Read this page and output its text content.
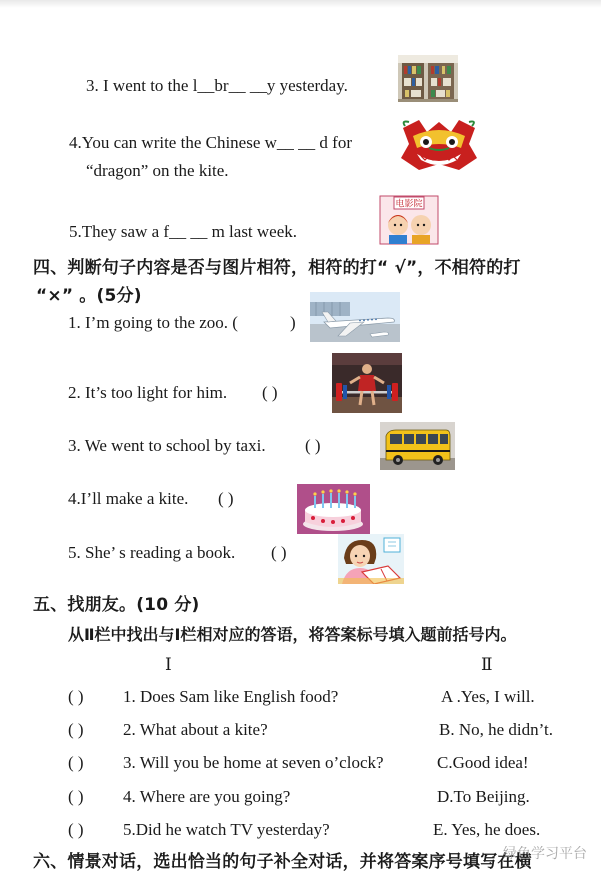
3. I went to the l__br__ __y yesterday.
4.You can write the Chinese w__ __ d for
“dragon” on the kite.
5.They saw a f__ __ m last week.
电影院
四、判断句子内容是否与图片相符，相符的打“ √”，不相符的打
“×” 。(5分)
1. I’m going to the zoo. (	)
2. It’s too light for him. ( )
3. We went to school by taxi. ( )
4.I’ll make a kite. ( )
5. She’ s reading a book. ( )
五、找朋友。(10 分)
从Ⅱ栏中找出与Ⅰ栏相对应的答语，将答案标号填入题前括号内。
Ⅰ	Ⅱ
( ) 1. Does Sam like English food?	A .Yes, I will.
( ) 2. What about a kite?	B. No, he didn’t.
( ) 3. Will you be home at seven o’clock?	C.Good idea!
( ) 4. Where are you going?	D.To Beijing.
( ) 5.Did he watch TV yesterday?	E. Yes, he does.
六、情景对话，选出恰当的句子补全对话，并将答案序号填写在横
绿色学习平台
